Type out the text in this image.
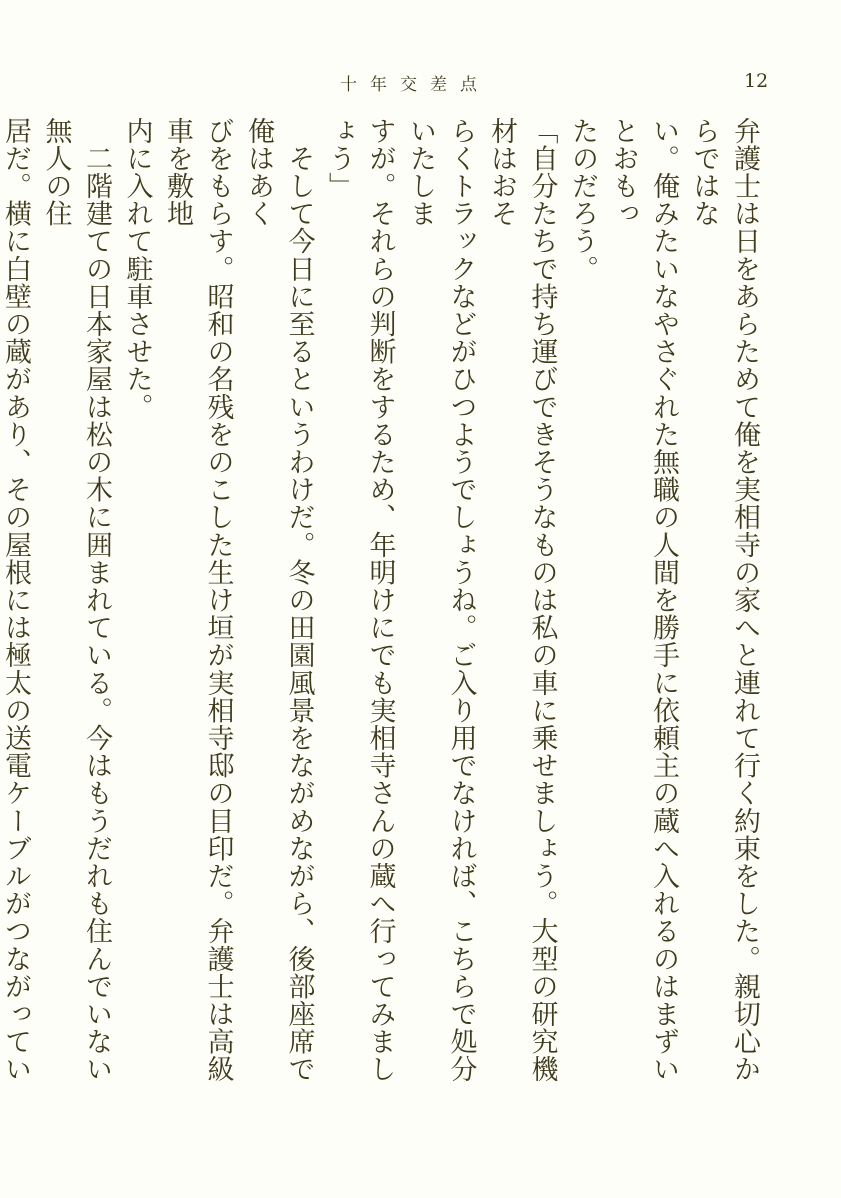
十年交差点	12

弁護士は日をあらためて俺を実相寺の家へと連れて行く約束をした。親切心からではな
い。俺みたいなやさぐれた無職の人間を勝手に依頼主の蔵へ入れるのはまずいとおもっ
たのだろう。

「自分たちで持ち運びできそうなものは私の車に乗せましょう。大型の研究機材はおそ
らくトラックなどがひつようでしょうね。ご入り用でなければ、こちらで処分いたしま
すが。それらの判断をするため、年明けにでも実相寺さんの蔵へ行ってみましょう」

　そして今日に至るというわけだ。冬の田園風景をながめながら、後部座席で俺はあく
びをもらす。昭和の名残をのこした生け垣が実相寺邸の目印だ。弁護士は高級車を敷地
内に入れて駐車させた。

　二階建ての日本家屋は松の木に囲まれている。今はもうだれも住んでいない無人の住
居だ。横に白壁の蔵があり、その屋根には極太の送電ケーブルがつながってい
